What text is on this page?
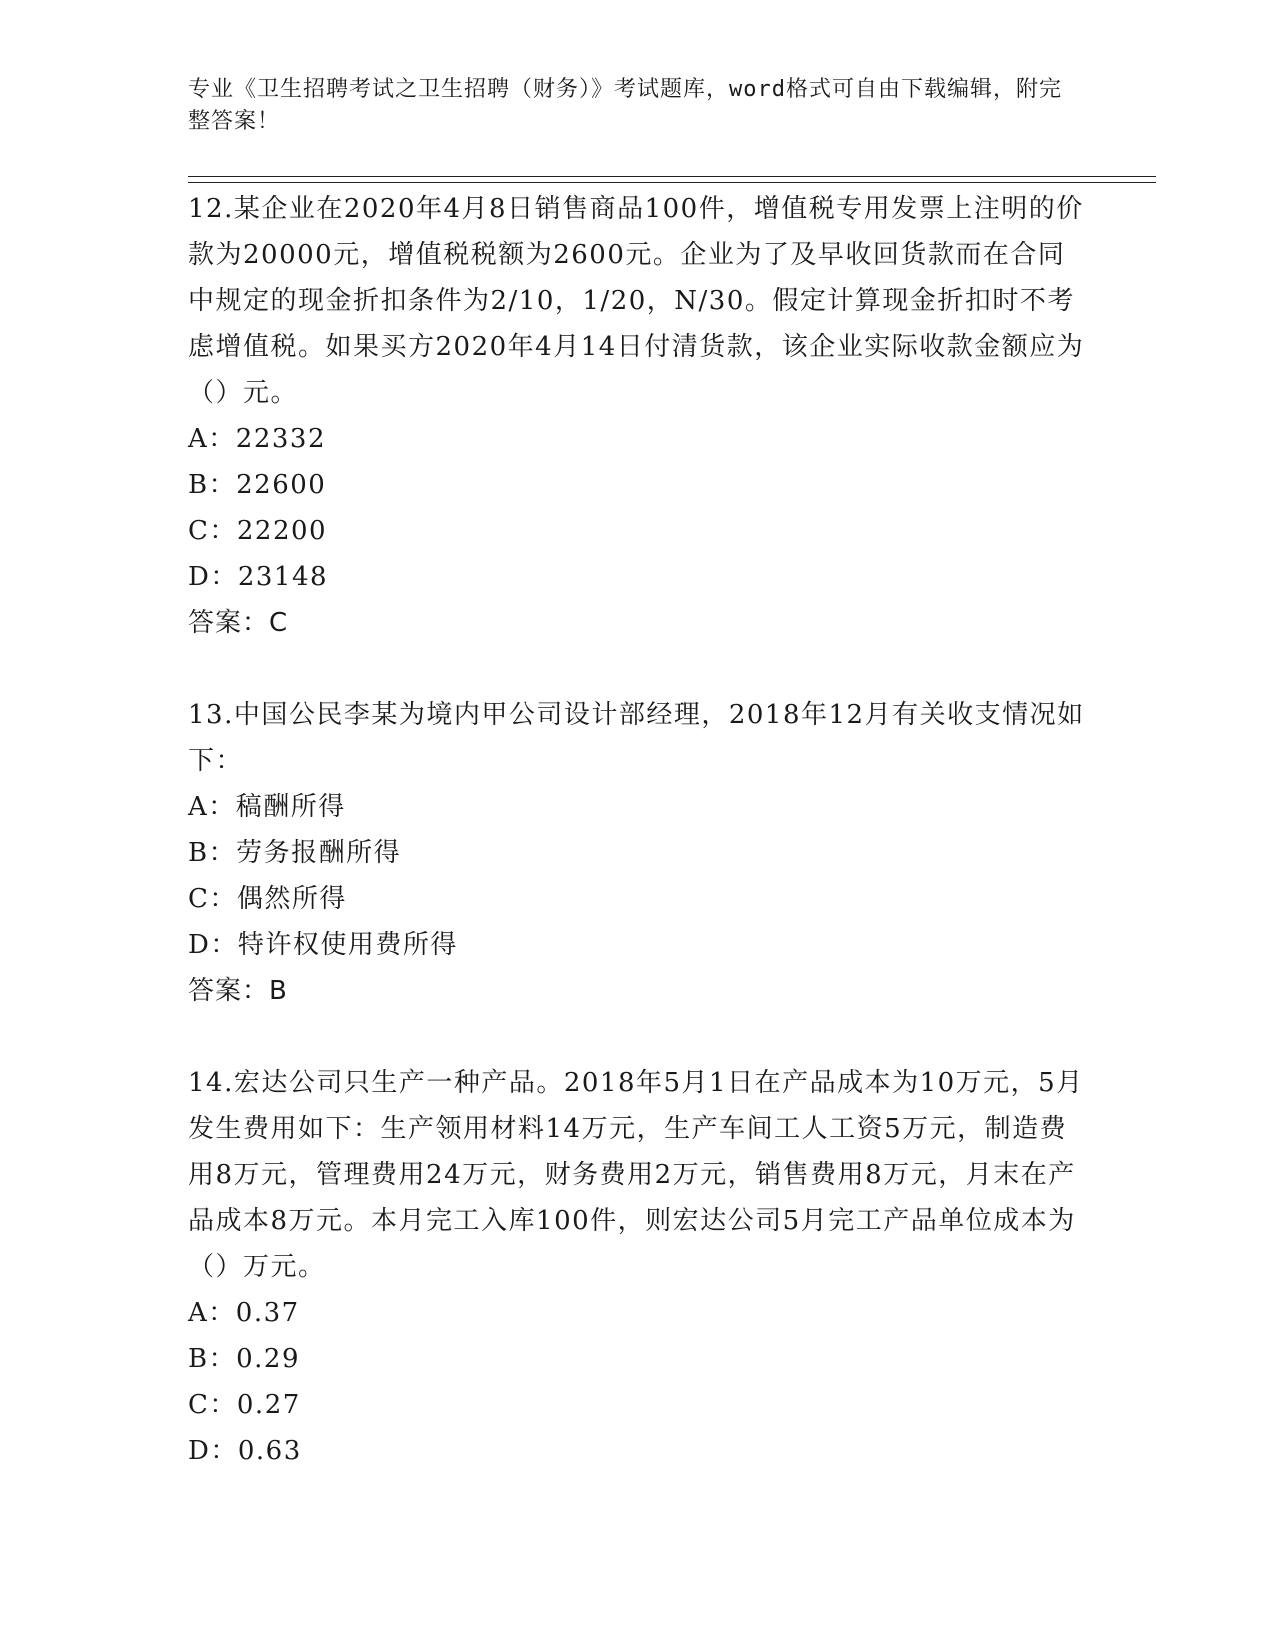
专业《卫生招聘考试之卫生招聘（财务）》考试题库，word格式可自由下载编辑，附完整答案！
12.某企业在2020年4月8日销售商品100件，增值税专用发票上注明的价款为20000元，增值税税额为2600元。企业为了及早收回货款而在合同中规定的现金折扣条件为2/10，1/20，N/30。假定计算现金折扣时不考虑增值税。如果买方2020年4月14日付清货款，该企业实际收款金额应为（）元。
A：22332
B：22600
C：22200
D：23148
答案：C
13.中国公民李某为境内甲公司设计部经理，2018年12月有关收支情况如下：
A：稿酬所得
B：劳务报酬所得
C：偶然所得
D：特许权使用费所得
答案：B
14.宏达公司只生产一种产品。2018年5月1日在产品成本为10万元，5月发生费用如下：生产领用材料14万元，生产车间工人工资5万元，制造费用8万元，管理费用24万元，财务费用2万元，销售费用8万元，月末在产品成本8万元。本月完工入库100件，则宏达公司5月完工产品单位成本为（）万元。
A：0.37
B：0.29
C：0.27
D：0.63
